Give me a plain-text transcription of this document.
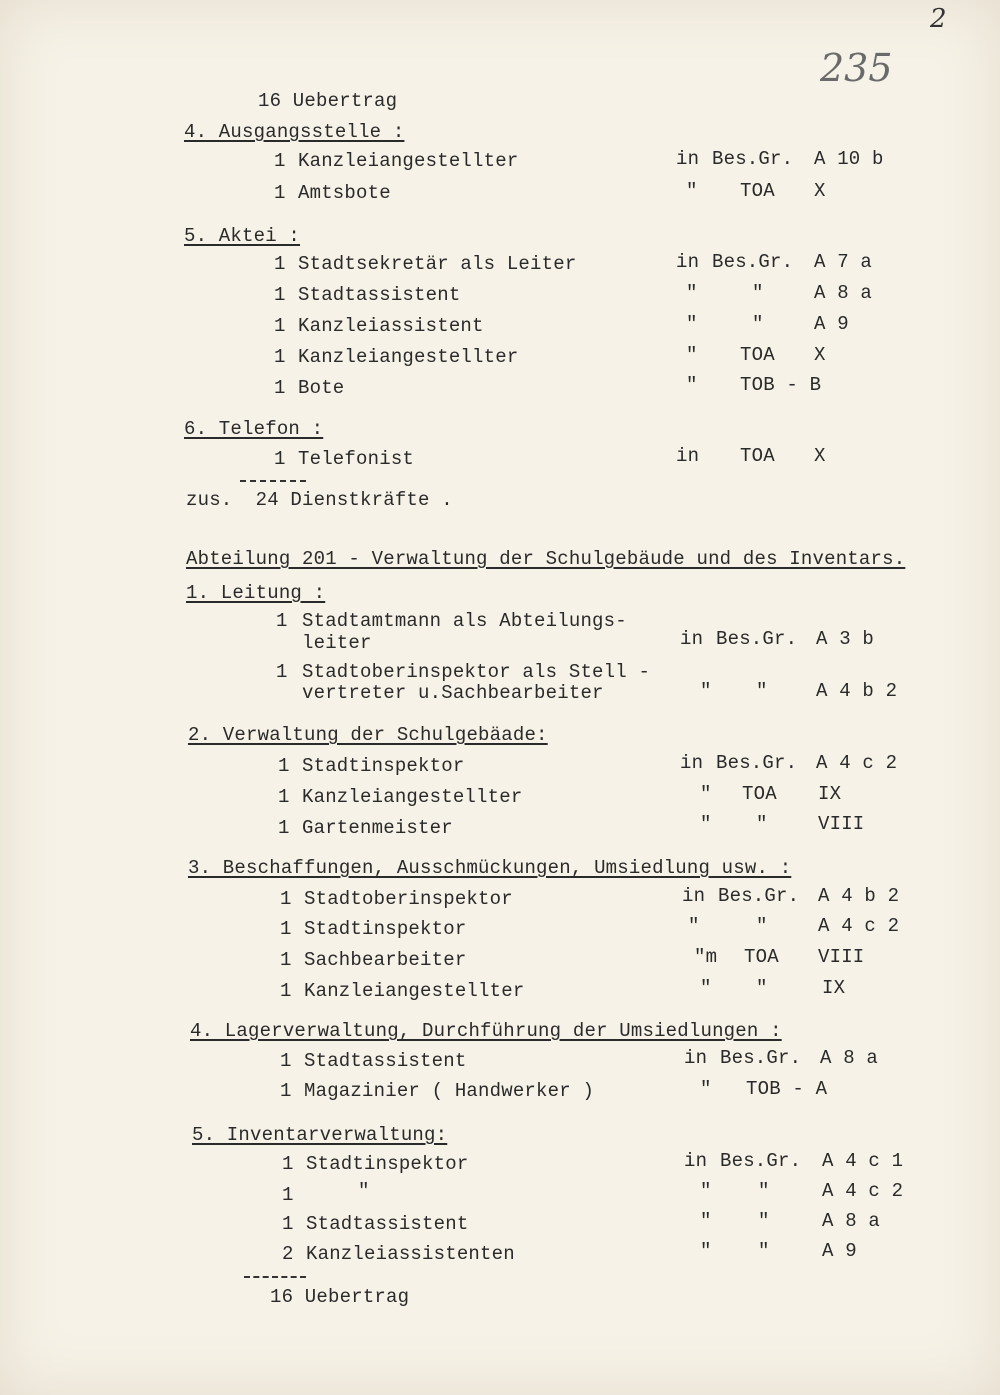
2
235
16 Uebertrag
4. Ausgangsstelle :
1 Kanzleiangestellter	in Bes.Gr. A 10 b
1 Amtsbote	" TOA X
5. Aktei :
1 Stadtsekretär als Leiter	in Bes.Gr. A 7 a
1 Stadtassistent	"	"	A 8 a
1 Kanzleiassistent	"	"	A 9
1 Kanzleiangestellter	" TOA X
1 Bote	" TOB - B
6. Telefon :
1 Telefonist	in TOA X
zus.  24 Dienstkräfte .
Abteilung 201 - Verwaltung der Schulgebäude und des Inventars.
1. Leitung :
1 Stadtamtmann als Abteilungs-
leiter	in Bes.Gr. A 3 b
1 Stadtoberinspektor als Stell -
vertreter u.Sachbearbeiter	" "	A 4 b 2
2. Verwaltung der Schulgebäade:
1 Stadtinspektor	in Bes.Gr. A 4 c 2
1 Kanzleiangestellter	" TOA IX
1 Gartenmeister	" "	VIII
3. Beschaffungen, Ausschmückungen, Umsiedlung usw. :
1 Stadtoberinspektor	in Bes.Gr. A 4 b 2
1 Stadtinspektor	"	"	A 4 c 2
1 Sachbearbeiter	"m TOA VIII
1 Kanzleiangestellter	" "	IX
4. Lagerverwaltung, Durchführung der Umsiedlungen :
1 Stadtassistent	in Bes.Gr. A 8 a
1 Magazinier ( Handwerker )	" TOB - A
5. Inventarverwaltung:
1 Stadtinspektor	in Bes.Gr. A 4 c 1
1	"	" "	A 4 c 2
1 Stadtassistent	" "	A 8 a
2 Kanzleiassistenten	" "	A 9
16 Uebertrag
